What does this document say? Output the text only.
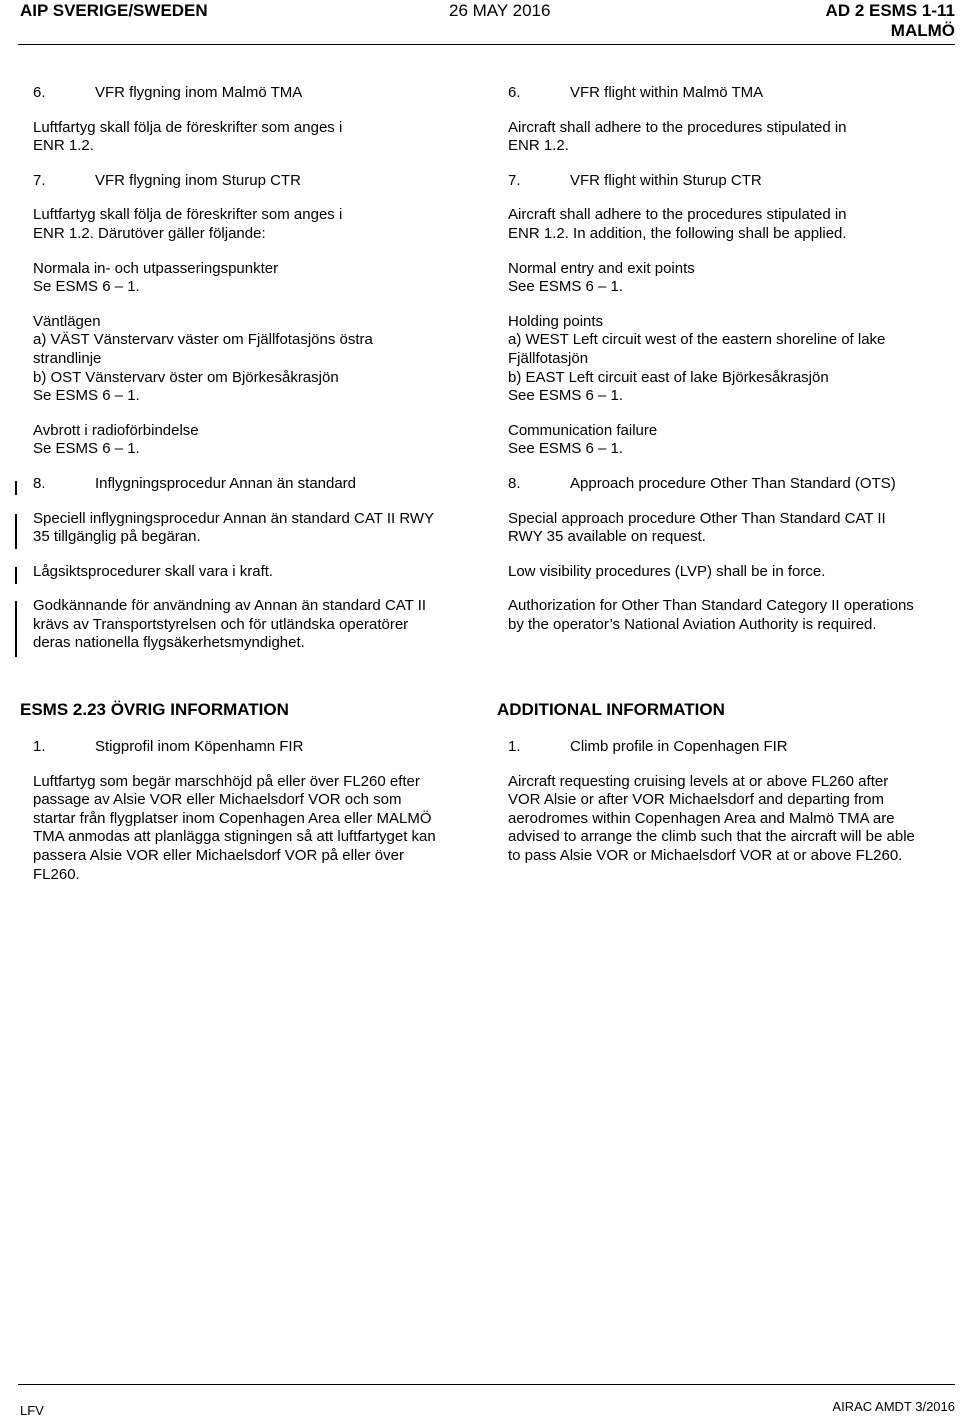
AIP SVERIGE/SWEDEN	26 MAY 2016	AD 2 ESMS 1-11
MALMÖ
6.	VFR flygning inom Malmö TMA
Luftfartyg skall följa de föreskrifter som anges i
ENR 1.2.
7.	VFR flygning inom Sturup CTR
Luftfartyg skall följa de föreskrifter som anges i
ENR 1.2. Därutöver gäller följande:
Normala in- och utpasseringspunkter
Se ESMS 6 – 1.
Väntlägen
a) VÄST Vänstervarv väster om Fjällfotasjöns östra
strandlinje
b) OST Vänstervarv öster om Björkesåkrasjön
Se ESMS 6 – 1.
Avbrott i radioförbindelse
Se ESMS 6 – 1.
8.	Inflygningsprocedur Annan än standard
Speciell inflygningsprocedur Annan än standard CAT II RWY
35 tillgänglig på begäran.
Lågsiktsprocedurer skall vara i kraft.
Godkännande för användning av Annan än standard CAT II
krävs av Transportstyrelsen och för utländska operatörer
deras nationella flygsäkerhetsmyndighet.
6.	VFR flight within Malmö TMA
Aircraft shall adhere to the procedures stipulated in
ENR 1.2.
7.	VFR flight within Sturup CTR
Aircraft shall adhere to the procedures stipulated in
ENR 1.2. In addition, the following shall be applied.
Normal entry and exit points
See ESMS 6 – 1.
Holding points
a) WEST Left circuit west of the eastern shoreline of lake
Fjällfotasjön
b) EAST Left circuit east of lake Björkesåkrasjön
See ESMS 6 – 1.
Communication failure
See ESMS 6 – 1.
8.	Approach procedure Other Than Standard (OTS)
Special approach procedure Other Than Standard CAT II
RWY 35 available on request.
Low visibility procedures (LVP) shall be in force.
Authorization for Other Than Standard Category II operations
by the operator’s National Aviation Authority is required.
ESMS 2.23 ÖVRIG INFORMATION	ADDITIONAL INFORMATION
1.	Stigprofil inom Köpenhamn FIR
Luftfartyg som begär marschhöjd på eller över FL260 efter
passage av Alsie VOR eller Michaelsdorf VOR och som
startar från flygplatser inom Copenhagen Area eller MALMÖ
TMA anmodas att planlägga stigningen så att luftfartyget kan
passera Alsie VOR eller Michaelsdorf VOR på eller över
FL260.
1.	Climb profile in Copenhagen FIR
Aircraft requesting cruising levels at or above FL260 after
VOR Alsie or after VOR Michaelsdorf and departing from
aerodromes within Copenhagen Area and Malmö TMA are
advised to arrange the climb such that the aircraft will be able
to pass Alsie VOR or Michaelsdorf VOR at or above FL260.
LFV	AIRAC AMDT 3/2016
